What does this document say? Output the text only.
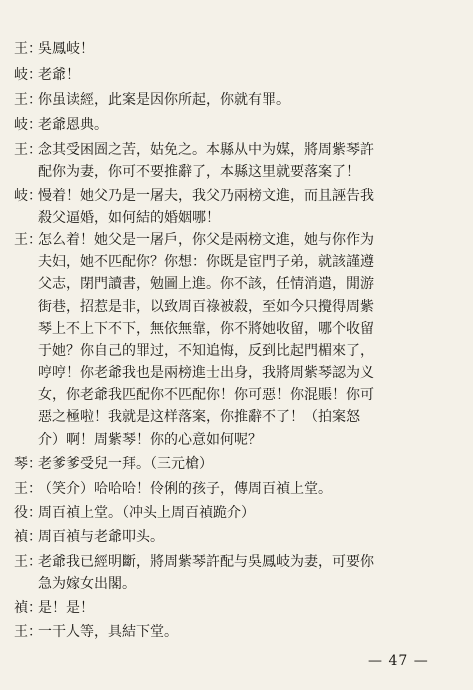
王：
吳鳳岐！
岐：
老爺！
王：
你虽读經，此案是因你所起，你就有罪。
岐：
老爺恩典。
王：
念其受困圄之苦，姑免之。本縣从中为媒，將周紫琴許
配你为妻，你可不要推辭了，本縣这里就要落案了！
岐：
慢着！她父乃是一屠夫，我父乃兩榜文進，而且誣告我
殺父逼婚，如何結的婚姻哪！
王：
怎么着！她父是一屠戶，你父是兩榜文進，她与你作为
夫妇，她不匹配你？你想：你既是宦門子弟，就該謹遵
父志，閉門讀書，勉圖上進。你不該，任情消遣，閒游
街巷，招惹是非，以致周百祿被殺，至如今只攪得周紫
琴上不上下不下，無依無靠，你不將她收留，哪个收留
于她？你自己的罪过，不知追悔，反到比起門楣來了，
哼哼！你老爺我也是兩榜進士出身，我將周紫琴認为义
女，你老爺我匹配你不匹配你！你可惡！你混賬！你可
惡之極啦！我就是这样落案，你推辭不了！（拍案怒
介）啊！周紫琴！你的心意如何呢？
琴：
老爹爹受兒一拜。（三元槍）
王：
（笑介）哈哈哈！伶俐的孩子，傳周百禎上堂。
役：
周百禎上堂。（冲头上周百禎跪介）
禎：
周百禎与老爺叩头。
王：
老爺我已經明斷，將周紫琴許配与吳鳳岐为妻，可要你
急为嫁女出閣。
禎：
是！是！
王：
一干人等，具結下堂。
— 47 —
